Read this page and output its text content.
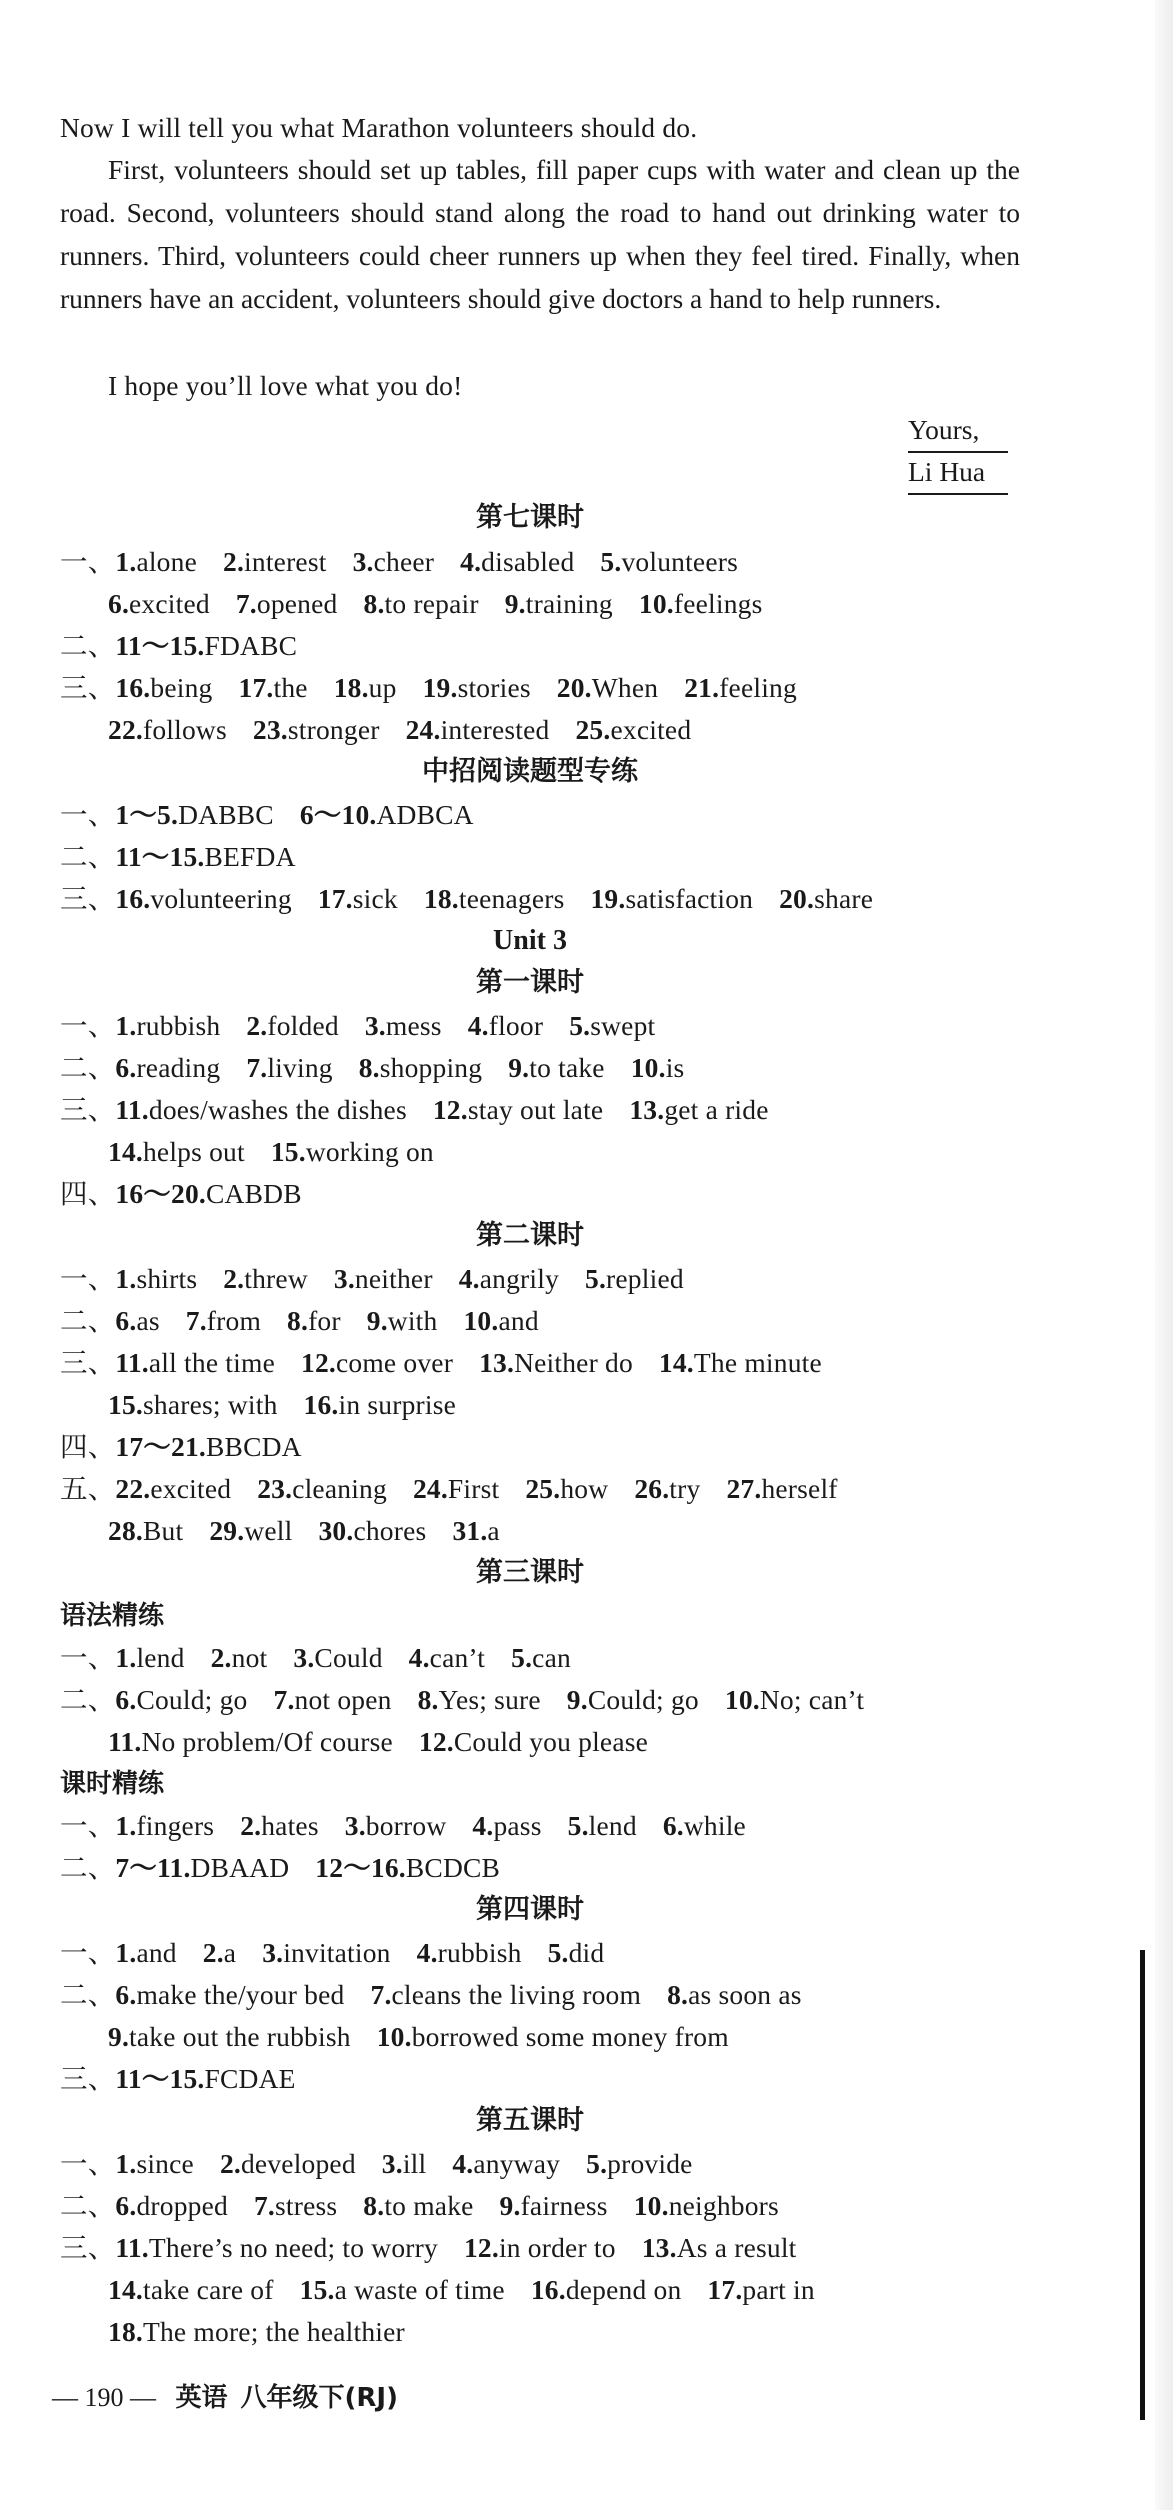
Now I will tell you what Marathon volunteers should do.
First, volunteers should set up tables, fill paper cups with water and clean up the road. Second, volunteers should stand along the road to hand out drinking water to runners. Third, volunteers could cheer runners up when they feel tired. Finally, when runners have an accident, volunteers should give doctors a hand to help runners.
I hope you’ll love what you do!
Yours,
Li Hua
第七课时
一、1.alone 2.interest 3.cheer 4.disabled 5.volunteers
6.excited 7.opened 8.to repair 9.training 10.feelings
二、11～15.FDABC
三、16.being 17.the 18.up 19.stories 20.When 21.feeling
22.follows 23.stronger 24.interested 25.excited
中招阅读题型专练
一、1～5.DABBC 6～10.ADBCA
二、11～15.BEFDA
三、16.volunteering 17.sick 18.teenagers 19.satisfaction 20.share
Unit 3
第一课时
一、1.rubbish 2.folded 3.mess 4.floor 5.swept
二、6.reading 7.living 8.shopping 9.to take 10.is
三、11.does/washes the dishes 12.stay out late 13.get a ride
14.helps out 15.working on
四、16～20.CABDB
第二课时
一、1.shirts 2.threw 3.neither 4.angrily 5.replied
二、6.as 7.from 8.for 9.with 10.and
三、11.all the time 12.come over 13.Neither do 14.The minute
15.shares; with 16.in surprise
四、17～21.BBCDA
五、22.excited 23.cleaning 24.First 25.how 26.try 27.herself
28.But 29.well 30.chores 31.a
第三课时
语法精练
一、1.lend 2.not 3.Could 4.can’t 5.can
二、6.Could; go 7.not open 8.Yes; sure 9.Could; go 10.No; can’t
11.No problem/Of course 12.Could you please
课时精练
一、1.fingers 2.hates 3.borrow 4.pass 5.lend 6.while
二、7～11.DBAAD 12～16.BCDCB
第四课时
一、1.and 2.a 3.invitation 4.rubbish 5.did
二、6.make the/your bed 7.cleans the living room 8.as soon as
9.take out the rubbish 10.borrowed some money from
三、11～15.FCDAE
第五课时
一、1.since 2.developed 3.ill 4.anyway 5.provide
二、6.dropped 7.stress 8.to make 9.fairness 10.neighbors
三、11.There’s no need; to worry 12.in order to 13.As a result
14.take care of 15.a waste of time 16.depend on 17.part in
18.The more; the healthier
— 190 — 英语 八年级下(RJ)
